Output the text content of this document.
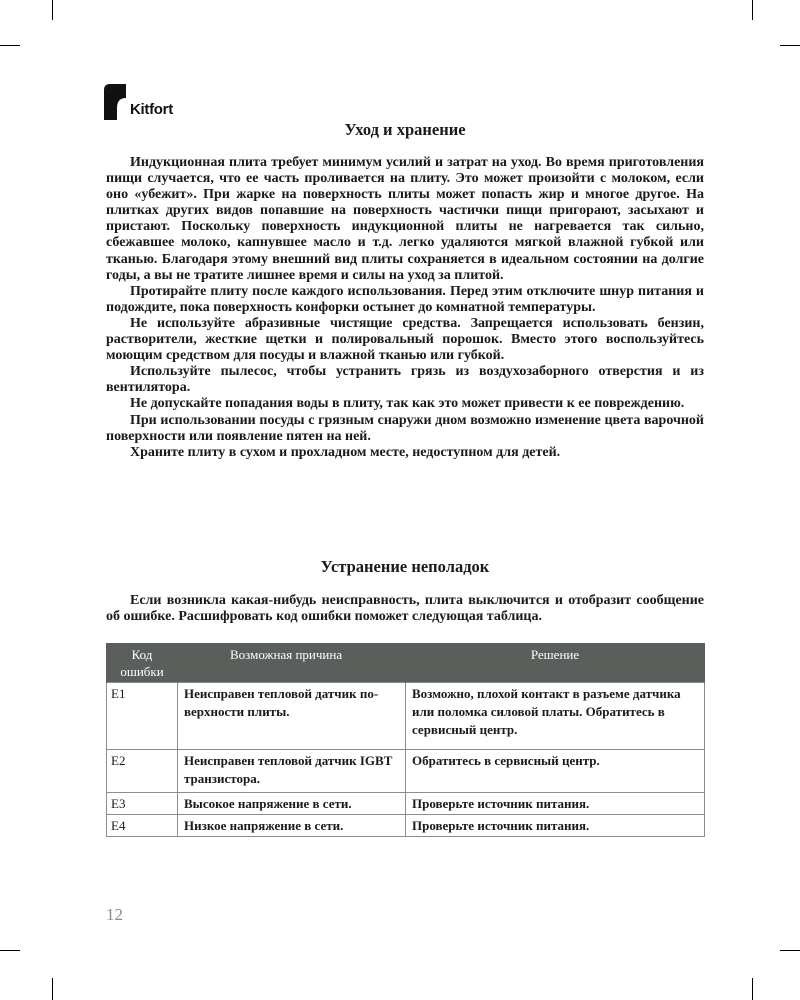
Kitfort
Уход и хранение

Индукционная плита требует минимум усилий и затрат на уход. Во время приготовления пищи случается, что ее часть проливается на плиту. Это может произойти с молоком, если оно «убежит». При жарке на поверхность плиты может попасть жир и многое другое. На плитках других видов попавшие на поверхность частички пищи пригорают, засыхают и пристают. Поскольку поверхность индукционной плиты не нагревается так сильно, сбежавшее молоко, капнувшее масло и т.д. легко удаляются мягкой влажной губкой или тканью. Благодаря этому внешний вид плиты сохраняется в идеальном состоянии на долгие годы, а вы не тратите лишнее время и силы на уход за плитой.

Протирайте плиту после каждого использования. Перед этим отключите шнур питания и подождите, пока поверхность конфорки остынет до комнатной температуры.

Не используйте абразивные чистящие средства. Запрещается использовать бензин, растворители, жесткие щетки и полировальный порошок. Вместо этого воспользуйтесь моющим средством для посуды и влажной тканью или губкой.

Используйте пылесос, чтобы устранить грязь из воздухозаборного отверстия и из вентилятора.

Не допускайте попадания воды в плиту, так как это может привести к ее повреждению.

При использовании посуды с грязным снаружи дном возможно изменение цвета варочной поверхности или появление пятен на ней.

Храните плиту в сухом и прохладном месте, недоступном для детей.

Устранение неполадок

Если возникла какая-нибудь неисправность, плита выключится и отобразит сообщение об ошибке. Расшифровать код ошибки поможет следующая таблица.

Код ошибки	Возможная причина	Решение
E1	Неисправен тепловой датчик поверхности плиты.	Возможно, плохой контакт в разъеме датчика или поломка силовой платы. Обратитесь в сервисный центр.
E2	Неисправен тепловой датчик IGBT транзистора.	Обратитесь в сервисный центр.
E3	Высокое напряжение в сети.	Проверьте источник питания.
E4	Низкое напряжение в сети.	Проверьте источник питания.
12
